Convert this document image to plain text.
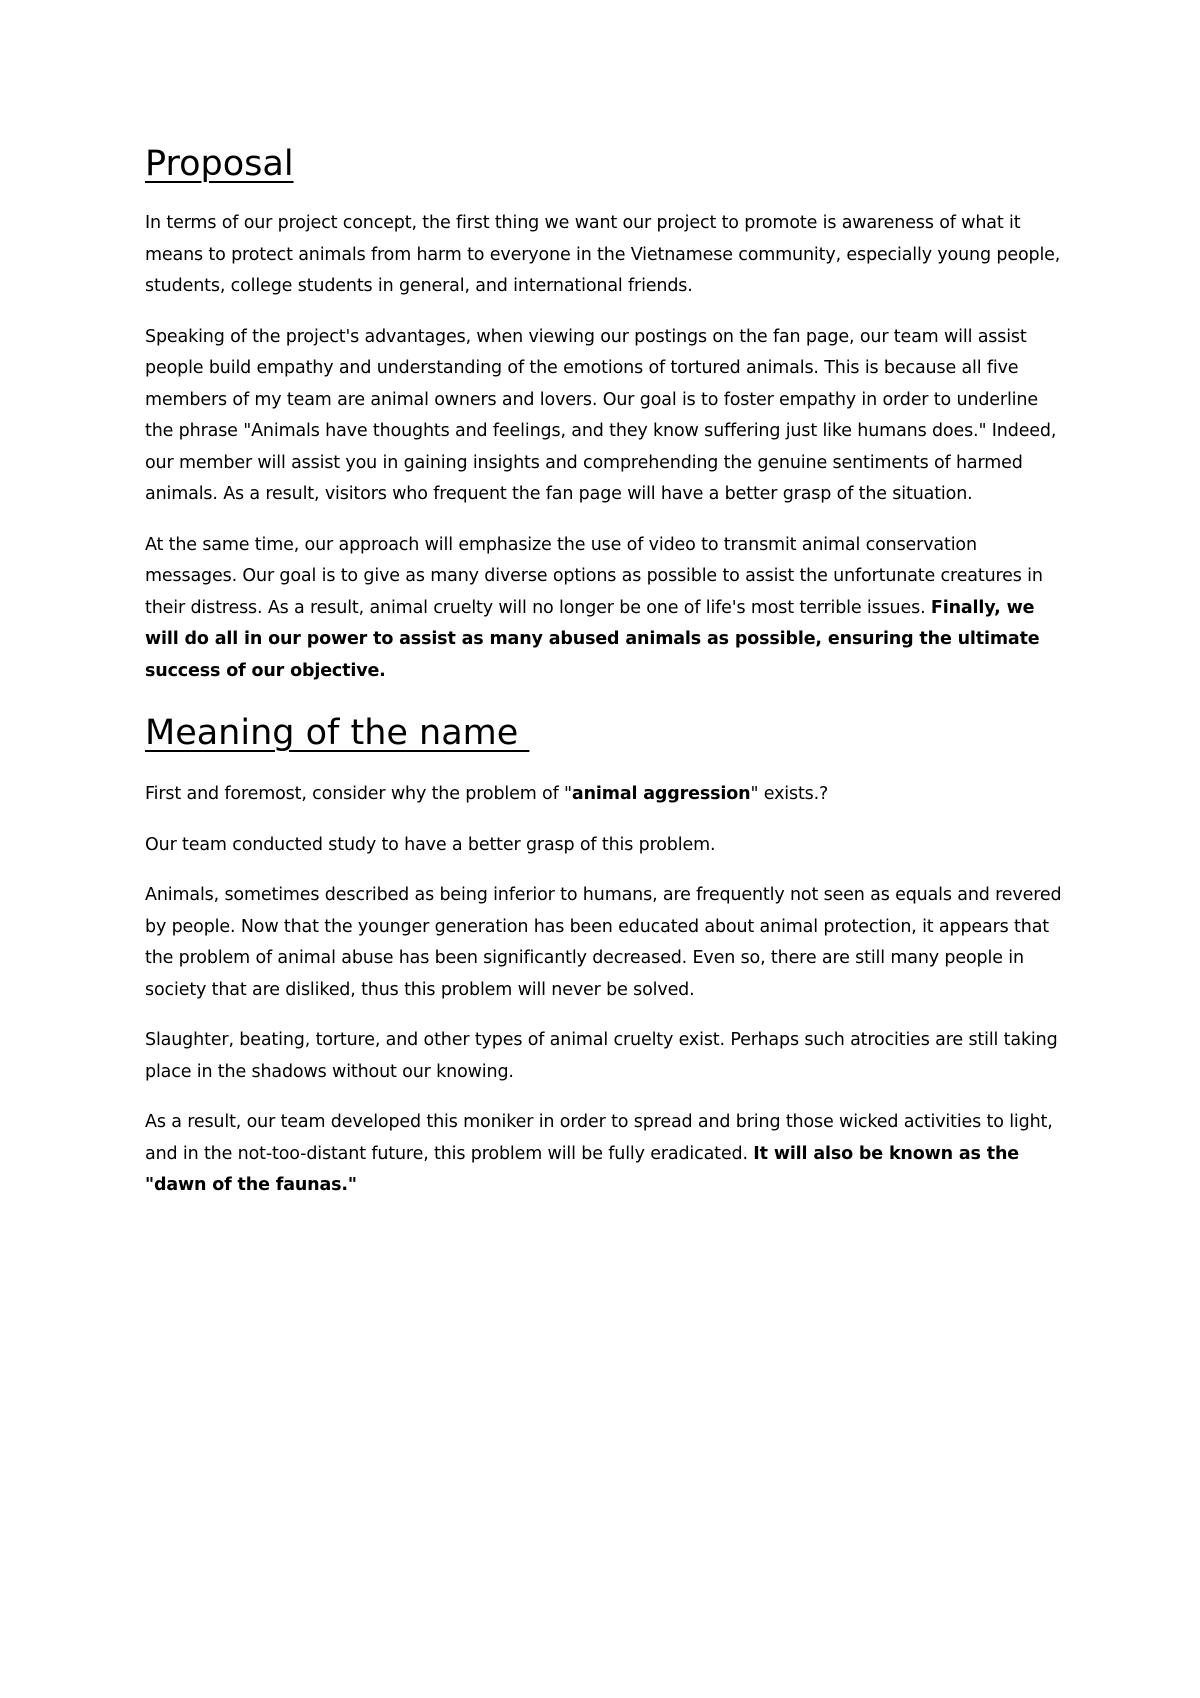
Proposal

In terms of our project concept, the first thing we want our project to promote is awareness of what it means to protect animals from harm to everyone in the Vietnamese community, especially young people, students, college students in general, and international friends.

Speaking of the project's advantages, when viewing our postings on the fan page, our team will assist people build empathy and understanding of the emotions of tortured animals. This is because all five members of my team are animal owners and lovers. Our goal is to foster empathy in order to underline the phrase "Animals have thoughts and feelings, and they know suffering just like humans does." Indeed, our member will assist you in gaining insights and comprehending the genuine sentiments of harmed animals. As a result, visitors who frequent the fan page will have a better grasp of the situation.

At the same time, our approach will emphasize the use of video to transmit animal conservation messages. Our goal is to give as many diverse options as possible to assist the unfortunate creatures in their distress. As a result, animal cruelty will no longer be one of life's most terrible issues. Finally, we will do all in our power to assist as many abused animals as possible, ensuring the ultimate success of our objective.

Meaning of the name

First and foremost, consider why the problem of "animal aggression" exists.?

Our team conducted study to have a better grasp of this problem.

Animals, sometimes described as being inferior to humans, are frequently not seen as equals and revered by people. Now that the younger generation has been educated about animal protection, it appears that the problem of animal abuse has been significantly decreased. Even so, there are still many people in society that are disliked, thus this problem will never be solved.

Slaughter, beating, torture, and other types of animal cruelty exist. Perhaps such atrocities are still taking place in the shadows without our knowing.

As a result, our team developed this moniker in order to spread and bring those wicked activities to light, and in the not-too-distant future, this problem will be fully eradicated. It will also be known as the "dawn of the faunas."
